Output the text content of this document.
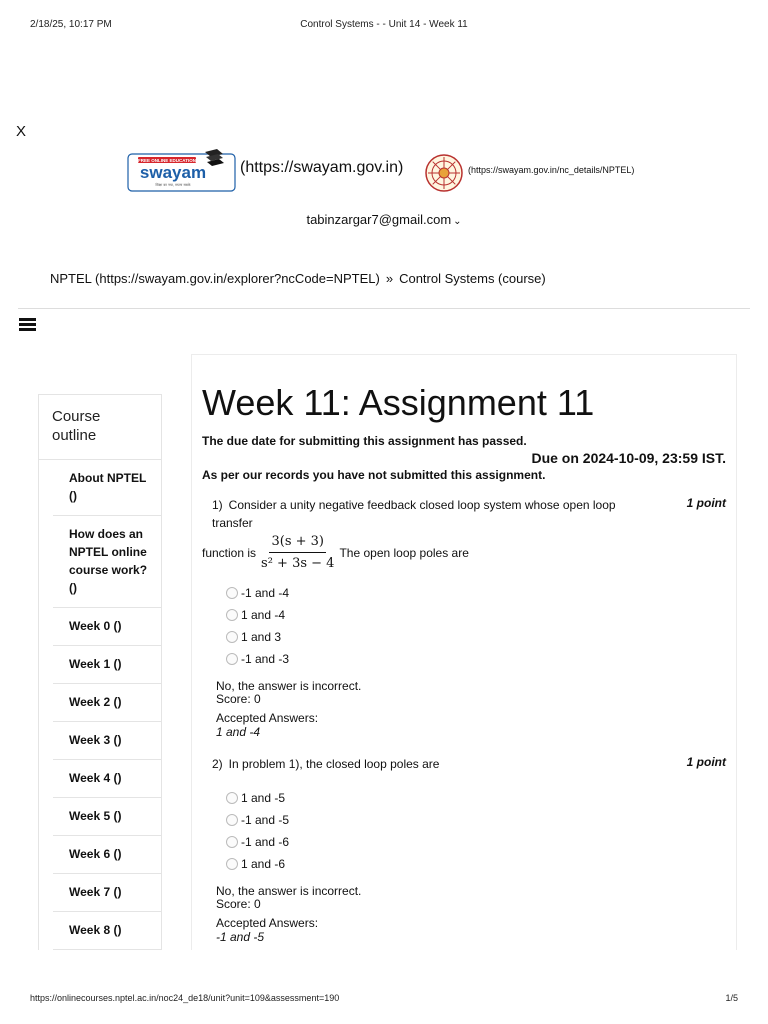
2/18/25, 10:17 PM	Control Systems - - Unit 14 - Week 11
X
FREE ONLINE EDUCATION
swayam
शिक्षा का नया, सपना सबके
(https://swayam.gov.in)	(https://swayam.gov.in/nc_details/NPTEL)
tabinzargar7@gmail.com ⌄
NPTEL (https://swayam.gov.in/explorer?ncCode=NPTEL) » Control Systems (course)
Course outline
About NPTEL ()
How does an NPTEL online course work? ()
Week 0 ()
Week 1 ()
Week 2 ()
Week 3 ()
Week 4 ()
Week 5 ()
Week 6 ()
Week 7 ()
Week 8 ()
Week 11: Assignment 11
The due date for submitting this assignment has passed.
Due on 2024-10-09, 23:59 IST.
As per our records you have not submitted this assignment.
1) Consider a unity negative feedback closed loop system whose open loop transfer
1 point
function is $\frac{3(s + 3)}{\text{s² + 3s − 4}}$ The open loop poles are
-1 and -4
1 and -4
1 and 3
-1 and -3
No, the answer is incorrect.
Score: 0
Accepted Answers:
1 and -4
2) In problem 1), the closed loop poles are	1 point
1 and -5
-1 and -5
-1 and -6
1 and -6
No, the answer is incorrect.
Score: 0
Accepted Answers:
-1 and -5
https://onlinecourses.nptel.ac.in/noc24_de18/unit?unit=109&assessment=190	1/5
